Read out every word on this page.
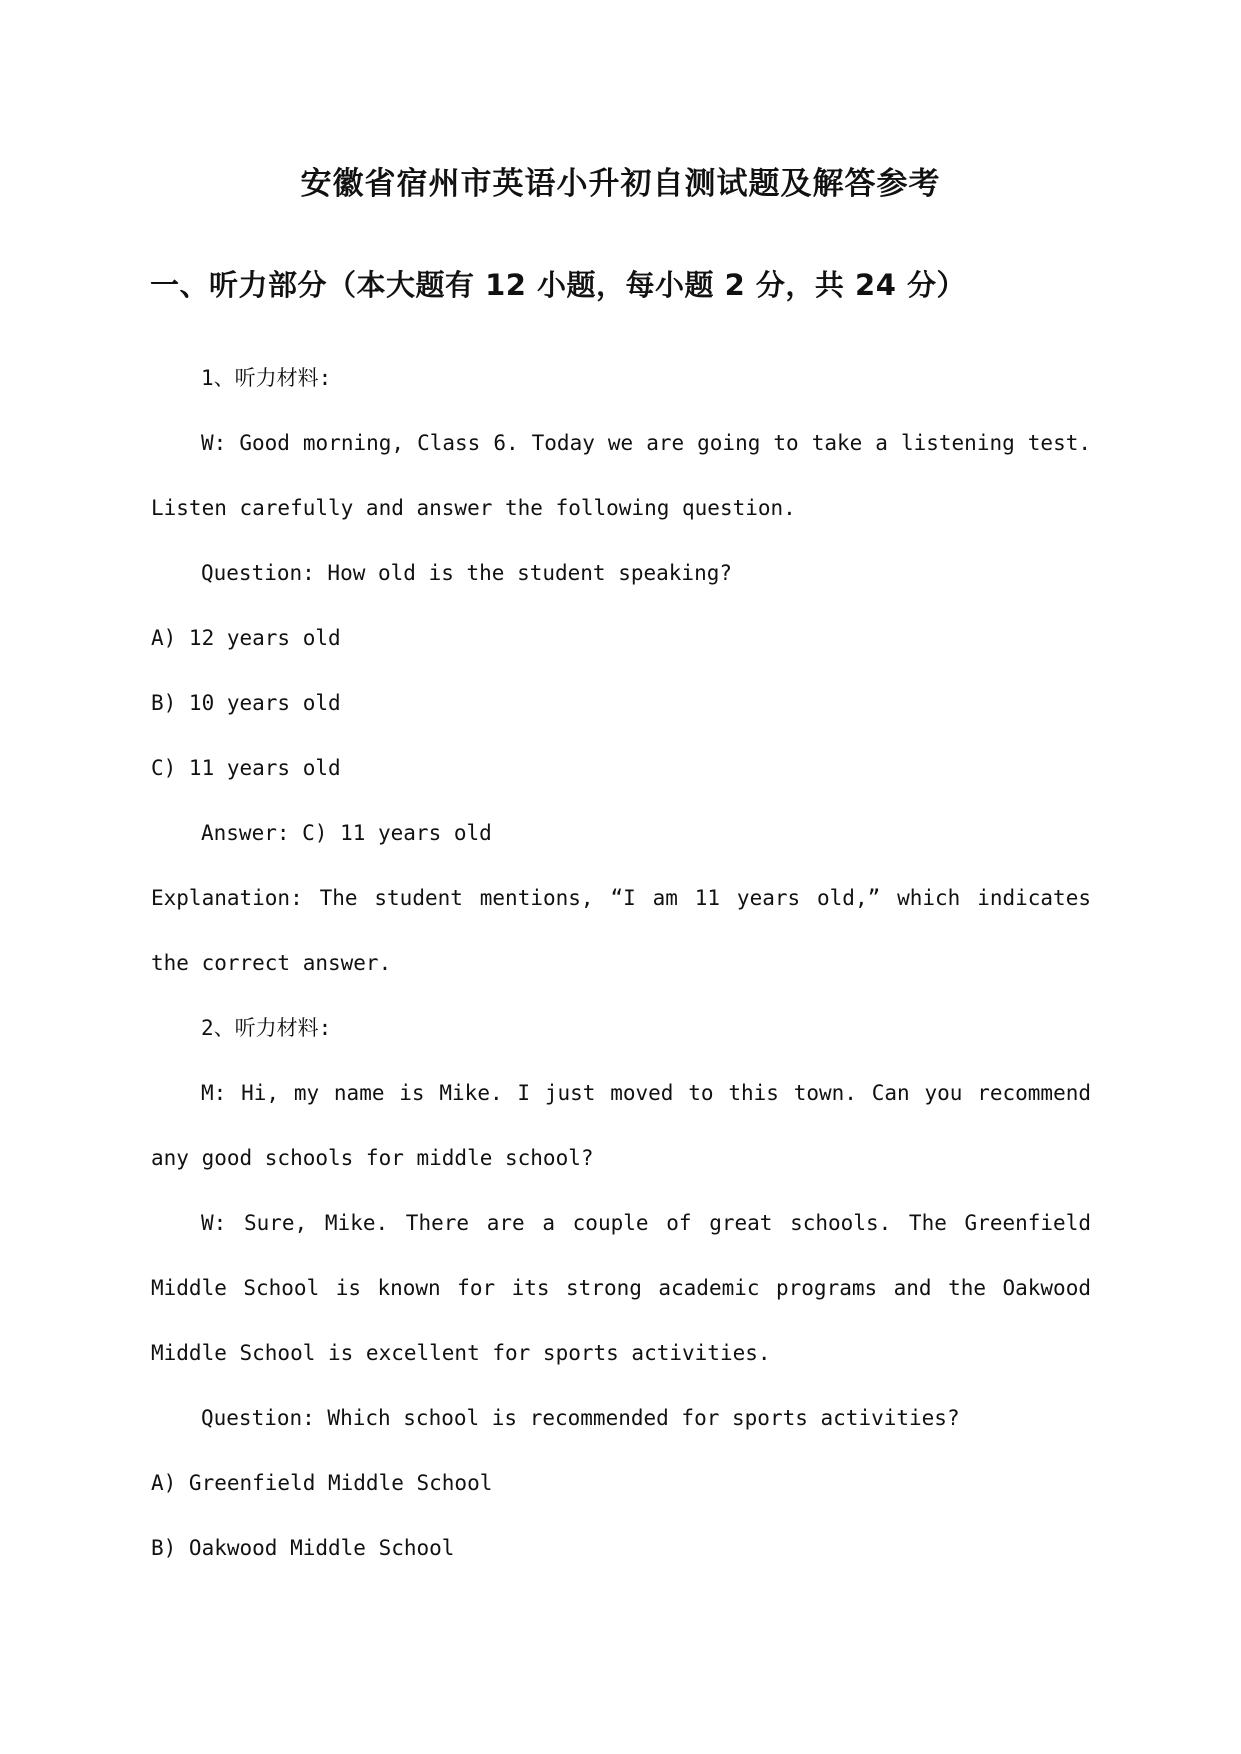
安徽省宿州市英语小升初自测试题及解答参考
一、听力部分（本大题有 12 小题，每小题 2 分，共 24 分）

1、听力材料:

W: Good morning, Class 6. Today we are going to take a listening test. Listen carefully and answer the following question.

Question: How old is the student speaking?

A) 12 years old

B) 10 years old

C) 11 years old

Answer: C) 11 years old

Explanation: The student mentions, “I am 11 years old,” which indicates the correct answer.

2、听力材料:

M: Hi, my name is Mike. I just moved to this town. Can you recommend any good schools for middle school?

W: Sure, Mike. There are a couple of great schools. The Greenfield Middle School is known for its strong academic programs and the Oakwood Middle School is excellent for sports activities.

Question: Which school is recommended for sports activities?

A) Greenfield Middle School

B) Oakwood Middle School
